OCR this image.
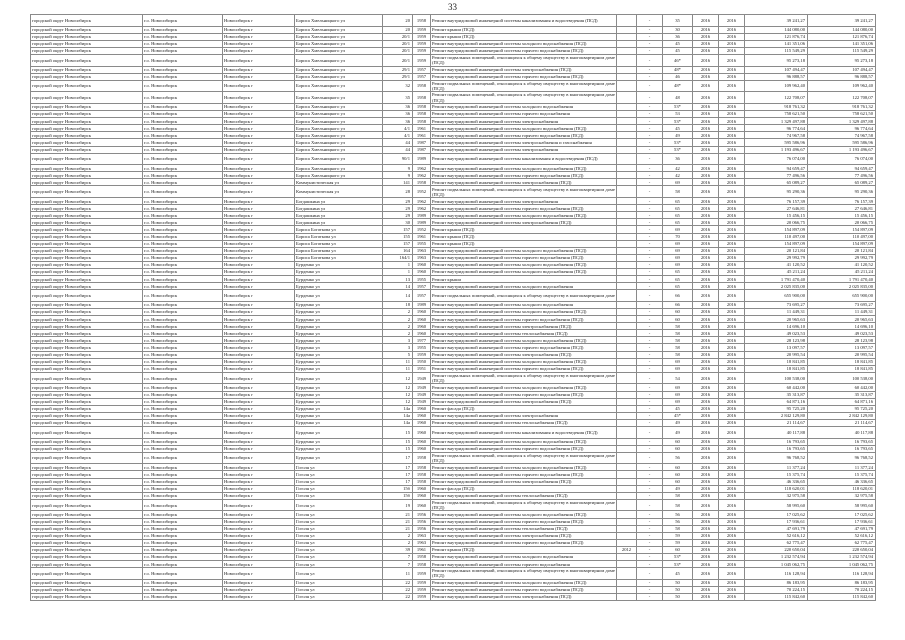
33
городской округ Новосибирск	г.о. Новосибирск	Новосибирск г	Бориса Хмельницкого ул	20	1958	Ремонт внутридомовой инженерной системы канализования и водоотведения (ПСД)		-	35	2016	2016	39 241,27	39 241,27
городской округ Новосибирск	г.о. Новосибирск	Новосибирск г	Бориса Хмельницкого ул	20	1959	Ремонт крыши (ПСД)		-	30	2016	2016	144 080,00	144 080,00
городской округ Новосибирск	г.о. Новосибирск	Новосибирск г	Бориса Хмельницкого ул	20/1	1959	Ремонт крыши (ПСД)		-	36	2016	2016	121 876,74	121 876,74
городской округ Новосибирск	г.о. Новосибирск	Новосибирск г	Бориса Хмельницкого ул	20/1	1959	Ремонт внутридомовой инженерной системы холодного водоснабжения (ПСД)		-	45	2016	2016	141 351,06	141 351,06
городской округ Новосибирск	г.о. Новосибирск	Новосибирск г	Бориса Хмельницкого ул	20/1	1959	Ремонт внутридомовой инженерной системы горячего водоснабжения (ПСД)		-	45	2016	2016	115 549,29	115 549,29
городской округ Новосибирск	г.о. Новосибирск	Новосибирск г	Бориса Хмельницкого ул	20/1	1959	Ремонт подвальных помещений, относящихся к общему имуществу в многоквартирном доме (ПСД)		-	46*	2016	2016	95 273,18	95 273,18
городской округ Новосибирск	г.о. Новосибирск	Новосибирск г	Бориса Хмельницкого ул	29/1	1957	Ремонт внутридомовой инженерной системы электроснабжения (ПСД)		-	48*	2016	2016	107 494,47	107 494,47
городской округ Новосибирск	г.о. Новосибирск	Новосибирск г	Бориса Хмельницкого ул	29/1	1957	Ремонт внутридомовой инженерной системы горячего водоснабжения (ПСД)		-	46	2016	2016	96 888,57	96 888,57
городской округ Новосибирск	г.о. Новосибирск	Новосибирск г	Бориса Хмельницкого ул	32	1958	Ремонт подвальных помещений, относящихся к общему имуществу в многоквартирном доме (ПСД)		-	48*	2016	2016	109 962,40	109 962,40
городской округ Новосибирск	г.о. Новосибирск	Новосибирск г	Бориса Хмельницкого ул	35	1958	Ремонт подвальных помещений, относящихся к общему имуществу в многоквартирном доме (ПСД)		-	48	2016	2016	122 708,07	122 708,07
городской округ Новосибирск	г.о. Новосибирск	Новосибирск г	Бориса Хмельницкого ул	36	1958	Ремонт внутридомовой инженерной системы холодного водоснабжения		-	53*	2016	2016	918 761,32	918 761,32
городской округ Новосибирск	г.о. Новосибирск	Новосибирск г	Бориса Хмельницкого ул	36	1958	Ремонт внутридомовой инженерной системы горячего водоснабжения		-	53	2016	2016	758 621,50	758 621,50
городской округ Новосибирск	г.о. Новосибирск	Новосибирск г	Бориса Хмельницкого ул	36	1958	Ремонт внутридомовой инженерной системы электроснабжения		-	53*	2016	2016	1 329 497,88	1 329 497,88
городской округ Новосибирск	г.о. Новосибирск	Новосибирск г	Бориса Хмельницкого ул	4/1	1961	Ремонт внутридомовой инженерной системы холодного водоснабжения (ПСД)		-	45	2016	2016	96 774,64	96 774,64
городской округ Новосибирск	г.о. Новосибирск	Новосибирск г	Бориса Хмельницкого ул	4/1	1961	Ремонт внутридомовой инженерной системы горячего водоснабжения (ПСД)		-	49	2016	2016	74 967,58	74 967,58
городской округ Новосибирск	г.о. Новосибирск	Новосибирск г	Бориса Хмельницкого ул	44	1987	Ремонт внутридомовой инженерной системы электроснабжения и газоснабжения		-	53*	2016	2016	595 586,96	595 586,96
городской округ Новосибирск	г.о. Новосибирск	Новосибирск г	Бориса Хмельницкого ул	44	1987	Ремонт внутридомовой инженерной системы электроснабжения		-	53*	2016	2016	1 193 496,67	1 193 496,67
городской округ Новосибирск	г.о. Новосибирск	Новосибирск г	Бориса Хмельницкого ул	90/1	1989	Ремонт внутридомовой инженерной системы канализования и водоотведения (ПСД)		-	36	2016	2016	76 074,00	76 074,00
городской округ Новосибирск	г.о. Новосибирск	Новосибирск г	Бориса Хмельницкого ул	9	1962	Ремонт внутридомовой инженерной системы холодного водоснабжения (ПСД)		-	42	2016	2016	94 659,47	94 659,47
городской округ Новосибирск	г.о. Новосибирск	Новосибирск г	Бориса Хмельницкого ул	9	1962	Ремонт внутридомовой инженерной системы горячего водоснабжения (ПСД)		-	42	2016	2016	77 496,56	77 496,56
городской округ Новосибирск	г.о. Новосибирск	Новосибирск г	Коммунистическая ул	141	1958	Ремонт внутридомовой инженерной системы электроснабжения (ПСД)		-	69	2016	2016	65 089,27	65 089,27
городской округ Новосибирск	г.о. Новосибирск	Новосибирск г	Коммунистическая ул	28	1952	Ремонт подвальных помещений, относящихся к общему имуществу в многоквартирном доме (ПСД)		-	58	2016	2016	95 290,36	95 290,36
городской округ Новосибирск	г.о. Новосибирск	Новосибирск г	Богдашкина ул	29	1962	Ремонт внутридомовой инженерной системы электроснабжения		-	65	2016	2016	76 157,39	76 157,39
городской округ Новосибирск	г.о. Новосибирск	Новосибирск г	Богдашкина ул	29	1962	Ремонт внутридомовой инженерной системы горячего водоснабжения (ПСД)		-	65	2016	2016	27 646,81	27 646,81
городской округ Новосибирск	г.о. Новосибирск	Новосибирск г	Богдашкина ул	29	1989	Ремонт внутридомовой инженерной системы холодного водоснабжения (ПСД)		-	65	2016	2016	15 456,15	15 456,15
городской округ Новосибирск	г.о. Новосибирск	Новосибирск г	Богдашкина ул	30	1989	Ремонт внутридомовой инженерной системы электроснабжения (ПСД)		-	65	2016	2016	20 066,75	20 066,75
городской округ Новосибирск	г.о. Новосибирск	Новосибирск г	Бориса Богаткова ул	157	1952	Ремонт крыши (ПСД)		-	69	2016	2016	154 897,09	154 897,09
городской округ Новосибирск	г.о. Новосибирск	Новосибирск г	Бориса Богаткова ул	155	1961	Ремонт крыши (ПСД)		-	70	2016	2016	110 497,00	110 497,00
городской округ Новосибирск	г.о. Новосибирск	Новосибирск г	Бориса Богаткова ул	157	1955	Ремонт крыши (ПСД)		-	69	2016	2016	154 897,09	154 897,09
городской округ Новосибирск	г.о. Новосибирск	Новосибирск г	Бориса Богаткова ул	164	1963	Ремонт внутридомовой инженерной системы холодного водоснабжения (ПСД)		-	69	2016	2016	20 121,84	20 121,84
городской округ Новосибирск	г.о. Новосибирск	Новосибирск г	Бориса Богаткова ул	164/1	1963	Ремонт внутридомовой инженерной системы горячего водоснабжения (ПСД)		-	69	2016	2016	29 992,79	29 992,79
городской округ Новосибирск	г.о. Новосибирск	Новосибирск г	Бурденко ул	1	1960	Ремонт внутридомовой инженерной системы холодного водоснабжения (ПСД)		-	69	2016	2016	41 120,52	41 120,52
городской округ Новосибирск	г.о. Новосибирск	Новосибирск г	Бурденко ул	1	1960	Ремонт внутридомовой инженерной системы холодного водоснабжения (ПСД)		-	65	2016	2016	45 211,24	45 211,24
городской округ Новосибирск	г.о. Новосибирск	Новосибирск г	Бурденко ул	13	1955	Ремонт крыши		-	65	2016	2016	1 791 470,40	1 791 470,40
городской округ Новосибирск	г.о. Новосибирск	Новосибирск г	Бурденко ул	14	1957	Ремонт внутридомовой инженерной системы холодного водоснабжения		-	65	2016	2016	2 025 835,00	2 025 835,00
городской округ Новосибирск	г.о. Новосибирск	Новосибирск г	Бурденко ул	14	1957	Ремонт подвальных помещений, относящихся к общему имуществу в многоквартирном доме		-	66	2016	2016	655 900,00	655 900,00
городской округ Новосибирск	г.о. Новосибирск	Новосибирск г	Бурденко ул	18	1989	Ремонт внутридомовой инженерной системы холодного водоснабжения		-	66	2016	2016	73 695,27	73 695,27
городской округ Новосибирск	г.о. Новосибирск	Новосибирск г	Бурденко ул	2	1960	Ремонт внутридомовой инженерной системы холодного водоснабжения (ПСД)		-	60	2016	2016	11 449,31	11 449,31
городской округ Новосибирск	г.о. Новосибирск	Новосибирск г	Бурденко ул	2	1960	Ремонт внутридомовой инженерной системы горячего водоснабжения (ПСД)		-	60	2016	2016	20 965,63	20 965,63
городской округ Новосибирск	г.о. Новосибирск	Новосибирск г	Бурденко ул	2	1960	Ремонт внутридомовой инженерной системы электроснабжения (ПСД)		-	58	2016	2016	14 696,10	14 696,10
городской округ Новосибирск	г.о. Новосибирск	Новосибирск г	Бурденко ул	2	1960	Ремонт внутридомовой инженерной системы теплоснабжения (ПСД)		-	58	2016	2016	49 023,53	49 023,53
городской округ Новосибирск	г.о. Новосибирск	Новосибирск г	Бурденко ул	3	1977	Ремонт внутридомовой инженерной системы холодного водоснабжения (ПСД)		-	58	2016	2016	28 123,98	28 123,98
городской округ Новосибирск	г.о. Новосибирск	Новосибирск г	Бурденко ул	3	1955	Ремонт внутридомовой инженерной системы горячего водоснабжения (ПСД)		-	58	2016	2016	13 097,57	13 097,57
городской округ Новосибирск	г.о. Новосибирск	Новосибирск г	Бурденко ул	5	1959	Ремонт внутридомовой инженерной системы электроснабжения (ПСД)		-	58	2016	2016	20 995,54	20 995,54
городской округ Новосибирск	г.о. Новосибирск	Новосибирск г	Бурденко ул	11	1950	Ремонт внутридомовой инженерной системы холодного водоснабжения (ПСД)		-	69	2016	2016	18 841,85	18 841,85
городской округ Новосибирск	г.о. Новосибирск	Новосибирск г	Бурденко ул	11	1951	Ремонт внутридомовой инженерной системы горячего водоснабжения (ПСД)		-	69	2016	2016	18 841,85	18 841,85
городской округ Новосибирск	г.о. Новосибирск	Новосибирск г	Бурденко ул	12	1949	Ремонт подвальных помещений, относящихся к общему имуществу в многоквартирном доме (ПСД)		-	54	2016	2016	100 538,00	100 538,00
городской округ Новосибирск	г.о. Новосибирск	Новосибирск г	Бурденко ул	12	1949	Ремонт внутридомовой инженерной системы холодного водоснабжения (ПСД)		-	69	2016	2016	60 442,00	60 442,00
городской округ Новосибирск	г.о. Новосибирск	Новосибирск г	Бурденко ул	12	1949	Ремонт внутридомовой инженерной системы горячего водоснабжения (ПСД)		-	69	2016	2016	35 313,87	35 313,87
городской округ Новосибирск	г.о. Новосибирск	Новосибирск г	Бурденко ул	12	1949	Ремонт внутридомовой инженерной системы электроснабжения (ПСД)		-	69	2016	2016	64 871,16	64 871,16
городской округ Новосибирск	г.о. Новосибирск	Новосибирск г	Бурденко ул	14а	1960	Ремонт фасада (ПСД)		-	45	2016	2016	95 725,20	95 725,20
городской округ Новосибирск	г.о. Новосибирск	Новосибирск г	Бурденко ул	14а	1960	Ремонт внутридомовой инженерной системы электроснабжения		-	45*	2016	2016	2 842 129,80	2 842 129,80
городской округ Новосибирск	г.о. Новосибирск	Новосибирск г	Бурденко ул	14а	1960	Ремонт внутридомовой инженерной системы теплоснабжения (ПСД)		-	49	2016	2016	21 114,67	21 114,67
городской округ Новосибирск	г.о. Новосибирск	Новосибирск г	Бурденко ул	15	1960	Ремонт внутридомовой инженерной системы канализования и водоотведения (ПСД)		-	49	2016	2016	40 117,88	40 117,88
городской округ Новосибирск	г.о. Новосибирск	Новосибирск г	Бурденко ул	15	1960	Ремонт внутридомовой инженерной системы холодного водоснабжения (ПСД)		-	60	2016	2016	16 793,65	16 793,65
городской округ Новосибирск	г.о. Новосибирск	Новосибирск г	Бурденко ул	15	1960	Ремонт внутридомовой инженерной системы горячего водоснабжения (ПСД)		-	60	2016	2016	16 793,65	16 793,65
городской округ Новосибирск	г.о. Новосибирск	Новосибирск г	Бурденко ул	17	1958	Ремонт подвальных помещений, относящихся к общему имуществу в многоквартирном доме (ПСД)		-	56	2016	2016	96 768,52	96 768,52
городской округ Новосибирск	г.о. Новосибирск	Новосибирск г	Гоголя ул	17	1958	Ремонт внутридомовой инженерной системы холодного водоснабжения (ПСД)		-	60	2016	2016	11 377,24	11 377,24
городской округ Новосибирск	г.о. Новосибирск	Новосибирск г	Гоголя ул	17	1958	Ремонт внутридомовой инженерной системы горячего водоснабжения (ПСД)		-	60	2016	2016	15 375,74	15 375,74
городской округ Новосибирск	г.о. Новосибирск	Новосибирск г	Гоголя ул	17	1958	Ремонт внутридомовой инженерной системы электроснабжения (ПСД)		-	60	2016	2016	46 336,65	46 336,65
городской округ Новосибирск	г.о. Новосибирск	Новосибирск г	Гоголя ул	15б	1960	Ремонт фасада (ПСД)		-	49	2016	2016	118 620,01	118 620,01
городской округ Новосибирск	г.о. Новосибирск	Новосибирск г	Гоголя ул	15б	1960	Ремонт внутридомовой инженерной системы теплоснабжения (ПСД)		-	58	2016	2016	32 975,58	32 975,58
городской округ Новосибирск	г.о. Новосибирск	Новосибирск г	Гоголя ул	19	1960	Ремонт подвальных помещений, относящихся к общему имуществу в многоквартирном доме (ПСД)		-	58	2016	2016	58 995,60	58 995,60
городской округ Новосибирск	г.о. Новосибирск	Новосибирск г	Гоголя ул	21	1956	Ремонт внутридомовой инженерной системы холодного водоснабжения (ПСД)		-	56	2016	2016	17 025,62	17 025,62
городской округ Новосибирск	г.о. Новосибирск	Новосибирск г	Гоголя ул	21	1956	Ремонт внутридомовой инженерной системы горячего водоснабжения (ПСД)		-	56	2016	2016	17 936,61	17 936,61
городской округ Новосибирск	г.о. Новосибирск	Новосибирск г	Гоголя ул	21	1956	Ремонт внутридомовой инженерной системы теплоснабжения (ПСД)		-	58	2016	2016	47 691,79	47 691,79
городской округ Новосибирск	г.о. Новосибирск	Новосибирск г	Гоголя ул	2	1963	Ремонт внутридомовой инженерной системы электроснабжения (ПСД)		-	59	2016	2016	52 616,12	52 616,12
городской округ Новосибирск	г.о. Новосибирск	Новосибирск г	Гоголя ул	2	1963	Ремонт внутридомовой инженерной системы горячего водоснабжения (ПСД)		-	59	2016	2016	62 775,47	62 775,47
городской округ Новосибирск	г.о. Новосибирск	Новосибирск г	Гоголя ул	39	1961	Ремонт крыши (ПСД)	2012	-	60	2016	2016	220 650,04	220 650,04
городской округ Новосибирск	г.о. Новосибирск	Новосибирск г	Гоголя ул	7	1958	Ремонт внутридомовой инженерной системы холодного водоснабжения		-	53*	2016	2016	1 232 574,94	1 232 574,94
городской округ Новосибирск	г.о. Новосибирск	Новосибирск г	Гоголя ул	7	1958	Ремонт внутридомовой инженерной системы горячего водоснабжения		-	53*	2016	2016	1 045 062,75	1 045 062,75
городской округ Новосибирск	г.о. Новосибирск	Новосибирск г	Гоголя ул	11	1959	Ремонт подвальных помещений, относящихся к общему имуществу в многоквартирном доме (ПСД)		-	45	2016	2016	116 128,94	116 128,94
городской округ Новосибирск	г.о. Новосибирск	Новосибирск г	Гоголя ул	22	1959	Ремонт внутридомовой инженерной системы холодного водоснабжения (ПСД)		-	50	2016	2016	86 183,95	86 183,95
городской округ Новосибирск	г.о. Новосибирск	Новосибирск г	Гоголя ул	22	1959	Ремонт внутридомовой инженерной системы горячего водоснабжения (ПСД)		-	50	2016	2016	70 224,15	70 224,15
городской округ Новосибирск	г.о. Новосибирск	Новосибирск г	Гоголя ул	22	1959	Ремонт внутридомовой инженерной системы электроснабжения (ПСД)		-	50	2016	2016	115 842,60	115 842,60
